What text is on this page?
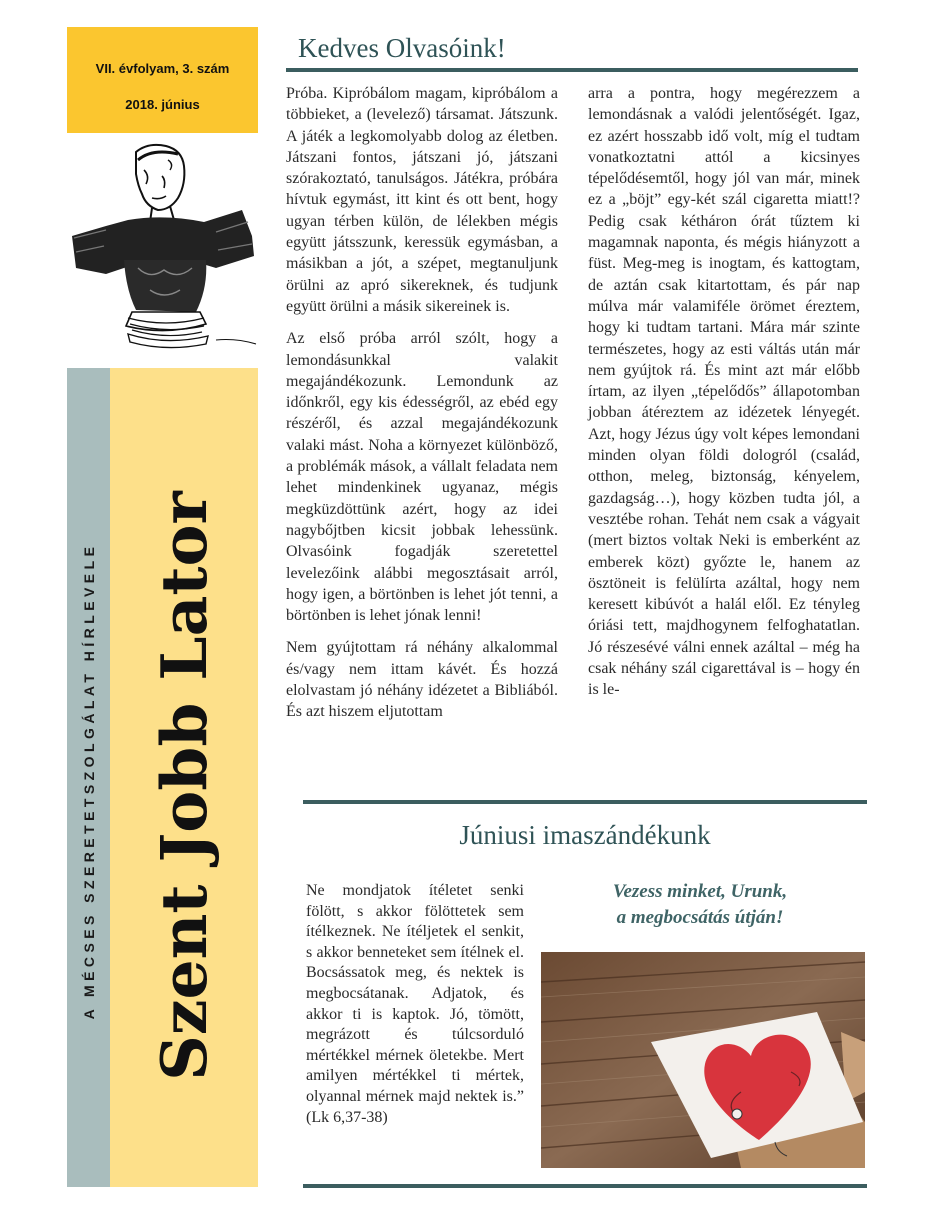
VII. évfolyam, 3. szám
2018. június
A MÉCSES SZERETETSZOLGÁLAT HÍRLEVELE Szent Jobb Lator
Kedves Olvasóink!

Próba. Kipróbálom magam, kipróbálom a többieket, a (levelező) társamat. Játszunk. A játék a legkomolyabb dolog az életben. Játszani fontos, játszani jó, játszani szórakoztató, tanulságos. Játékra, próbára hívtuk egymást, itt kint és ott bent, hogy ugyan térben külön, de lélekben mégis együtt játsszunk, keressük egymásban, a másikban a jót, a szépet, megtanuljunk örülni az apró sikereknek, és tudjunk együtt örülni a másik sikereinek is.

Az első próba arról szólt, hogy a lemondásunkkal valakit megajándékozunk. Lemondunk az időnkről, egy kis édességről, az ebéd egy részéről, és azzal megajándékozunk valaki mást. Noha a környezet különböző, a problémák mások, a vállalt feladata nem lehet mindenkinek ugyanaz, mégis megküzdöttünk azért, hogy az idei nagybőjtben kicsit jobbak lehessünk. Olvasóink fogadják szeretettel levelezőink alábbi megosztásait arról, hogy igen, a börtönben is lehet jót tenni, a börtönben is lehet jónak lenni!

Nem gyújtottam rá néhány alkalommal és/vagy nem ittam kávét. És hozzá elolvastam jó néhány idézetet a Bibliából. És azt hiszem eljutottam

arra a pontra, hogy megérezzem a lemondásnak a valódi jelentőségét. Igaz, ez azért hosszabb idő volt, míg el tudtam vonatkoztatni attól a kicsinyes tépelődésemtől, hogy jól van már, minek ez a „böjt” egy-két szál cigaretta miatt!? Pedig csak kétháron órát tűztem ki magamnak naponta, és mégis hiányzott a füst. Meg-meg is inogtam, és kattogtam, de aztán csak kitartottam, és pár nap múlva már valamiféle örömet éreztem, hogy ki tudtam tartani. Mára már szinte természetes, hogy az esti váltás után már nem gyújtok rá. És mint azt már előbb írtam, az ilyen „tépelődős” állapotomban jobban átéreztem az idézetek lényegét. Azt, hogy Jézus úgy volt képes lemondani minden olyan földi dologról (család, otthon, meleg, biztonság, kényelem, gazdagság…), hogy közben tudta jól, a vesztébe rohan. Tehát nem csak a vágyait (mert biztos voltak Neki is emberként az emberek közt) győzte le, hanem az ösztöneit is felülírta azáltal, hogy nem keresett kibúvót a halál elől. Ez tényleg óriási tett, majdhogynem felfoghatatlan. Jó részesévé válni ennek azáltal – még ha csak néhány szál cigarettával is – hogy én is le-

Júniusi imaszándékunk
Ne mondjatok ítéletet senki fölött, s akkor fölöttetek sem ítélkeznek. Ne ítéljetek el senkit, s akkor benneteket sem ítélnek el. Bocsássatok meg, és nektek is megbocsátanak. Adjatok, és akkor ti is kaptok. Jó, tömött, megrázott és túlcsorduló mértékkel mérnek öletekbe. Mert amilyen mértékkel ti mértek, olyannal mérnek majd nektek is.” (Lk 6,37-38)
Vezess minket, Urunk,
a megbocsátás útján!
